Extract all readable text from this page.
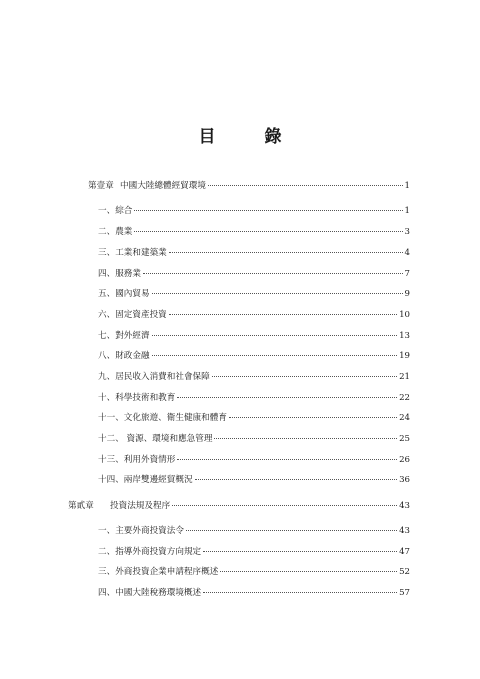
目　錄
第壹章 中國大陸總體經貿環境	1
一、綜合	1
二、農業	3
三、工業和建築業	4
四、服務業	7
五、國內貿易	9
六、固定資產投資	10
七、對外經濟	13
八、財政金融	19
九、居民收入消費和社會保障	21
十、科學技術和教育	22
十一、文化旅遊、衛生健康和體育	24
十二、 資源、環境和應急管理	25
十三、利用外資情形	26
十四、兩岸雙邊經貿概況	36
第貳章	投資法規及程序	43
一、主要外商投資法令	43
二、指導外商投資方向規定	47
三、外商投資企業申請程序概述	52
四、中國大陸稅務環境概述	57
